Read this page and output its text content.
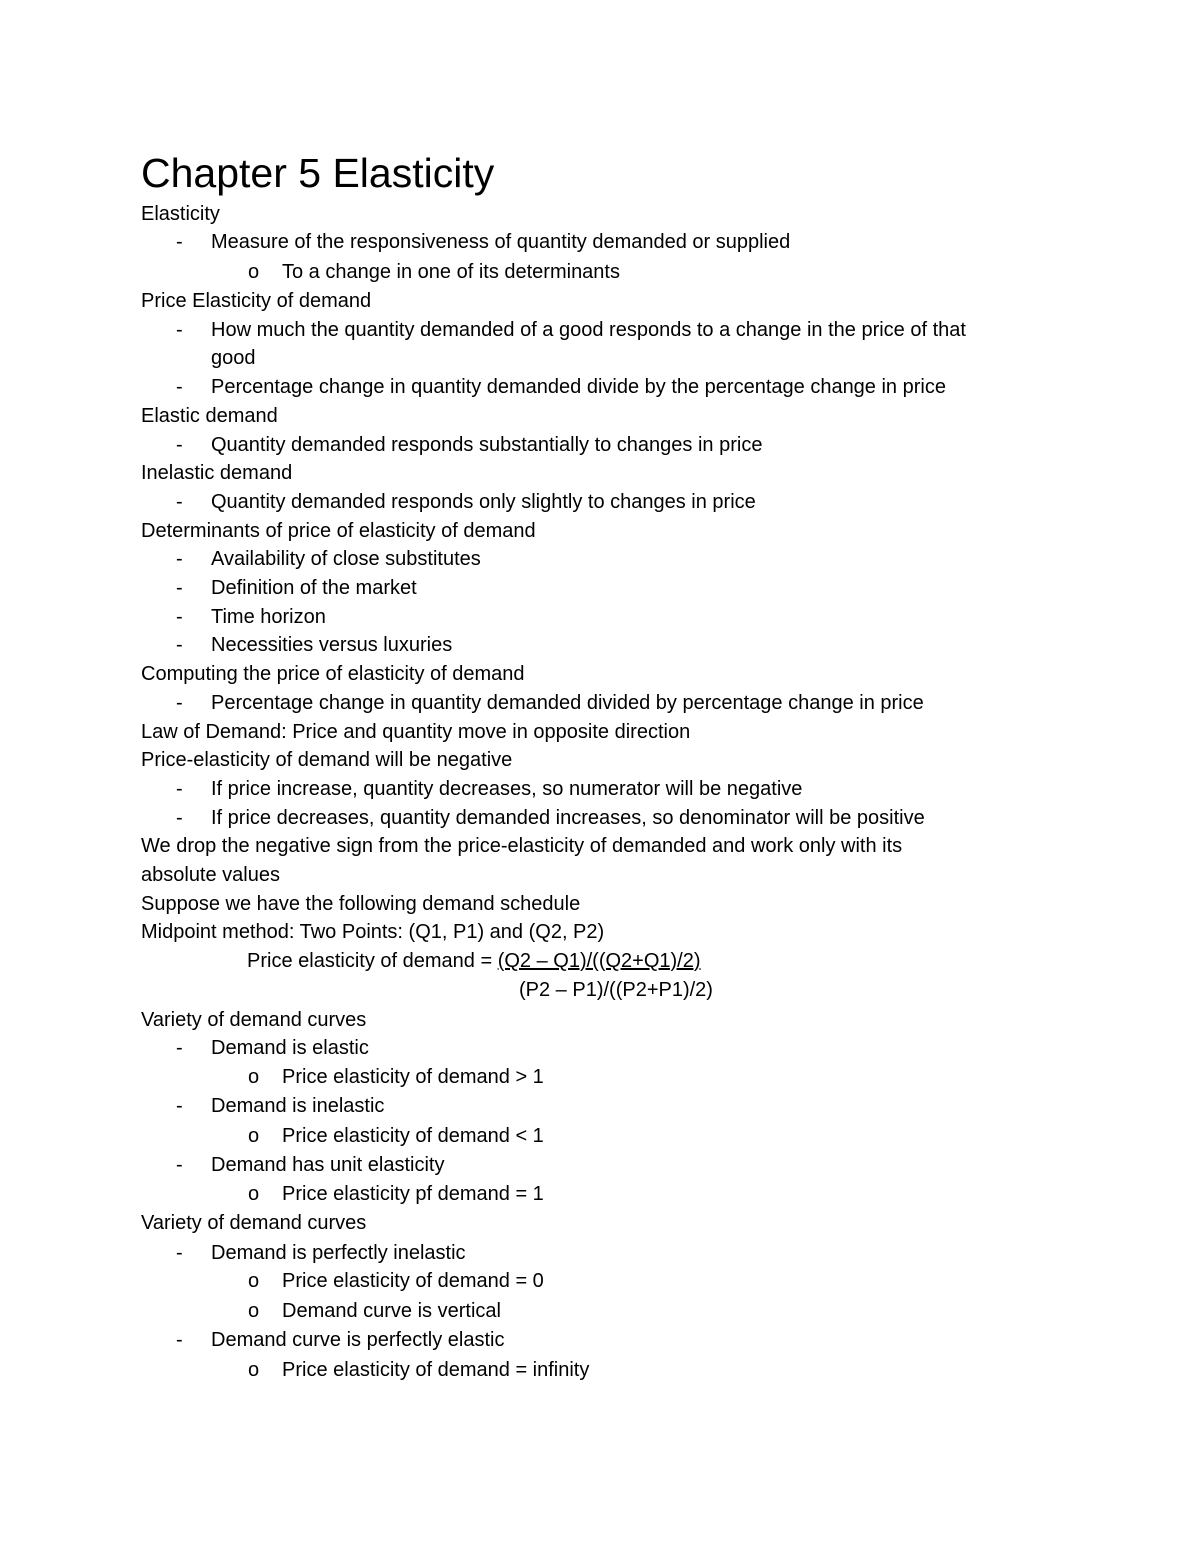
Chapter 5 Elasticity

Elasticity

- Measure of the responsiveness of quantity demanded or supplied

o To a change in one of its determinants

Price Elasticity of demand

- How much the quantity demanded of a good responds to a change in the price of that

good

- Percentage change in quantity demanded divide by the percentage change in price

Elastic demand

- Quantity demanded responds substantially to changes in price

Inelastic demand

- Quantity demanded responds only slightly to changes in price

Determinants of price of elasticity of demand

- Availability of close substitutes

- Definition of the market

- Time horizon

- Necessities versus luxuries

Computing the price of elasticity of demand

- Percentage change in quantity demanded divided by percentage change in price

Law of Demand: Price and quantity move in opposite direction

Price-elasticity of demand will be negative

- If price increase, quantity decreases, so numerator will be negative

- If price decreases, quantity demanded increases, so denominator will be positive

We drop the negative sign from the price-elasticity of demanded and work only with its

absolute values

Suppose we have the following demand schedule

Midpoint method: Two Points: (Q1, P1) and (Q2, P2)

Price elasticity of demand = (Q2 – Q1)/((Q2+Q1)/2)

(P2 – P1)/((P2+P1)/2)

Variety of demand curves

- Demand is elastic

o Price elasticity of demand > 1

- Demand is inelastic

o Price elasticity of demand < 1

- Demand has unit elasticity

o Price elasticity pf demand = 1

Variety of demand curves

- Demand is perfectly inelastic

o Price elasticity of demand = 0

o Demand curve is vertical

- Demand curve is perfectly elastic

o Price elasticity of demand = infinity
